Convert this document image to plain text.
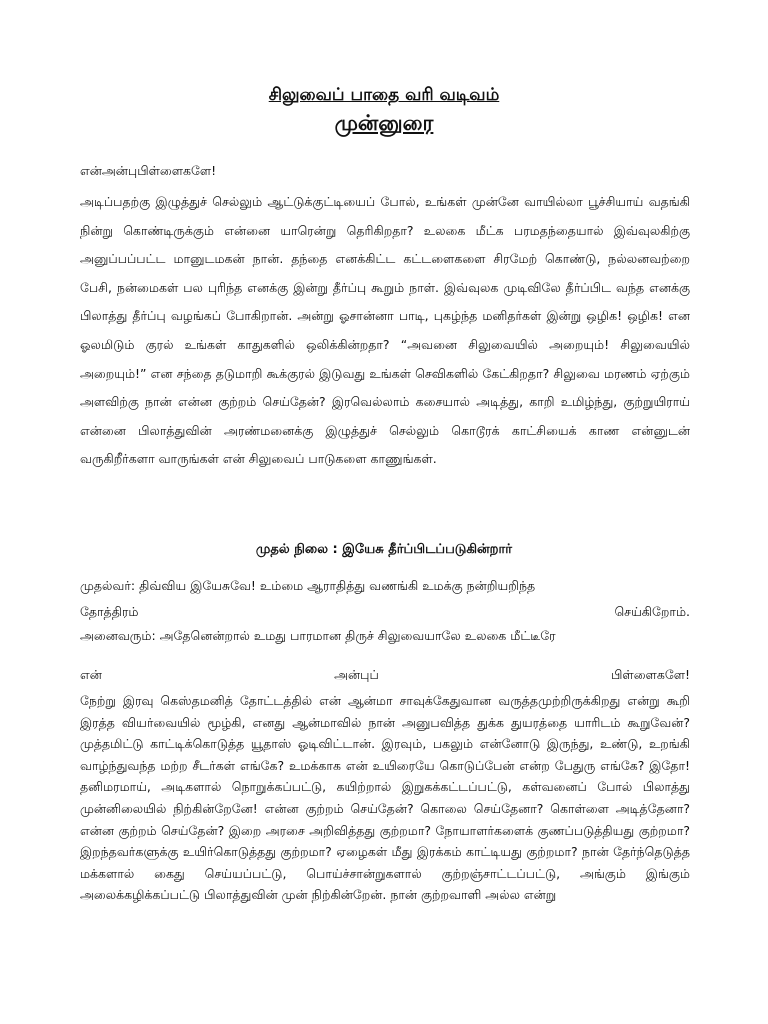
சிலுவைப் பாதை வரி வடிவம்
முன்னுரை
என்அன்புபிள்ளைகளே!
அடிப்பதற்கு இழுத்துச் செல்லும் ஆட்டுக்குட்டியைப் போல், உங்கள் முன்னே வாயில்லா பூச்சியாய் வதங்கி நின்று கொண்டிருக்கும் என்னை யாரென்று தெரிகிறதா? உலகை மீட்க பரமதந்தையால் இவ்வுலகிற்கு அனுப்பப்பட்ட மானுடமகன் நான். தந்தை எனக்கிட்ட கட்டளைகளை சிரமேற் கொண்டு, நல்லனவற்றை பேசி, நன்மைகள் பல புரிந்த எனக்கு இன்று தீர்ப்பு கூறும் நாள். இவ்வுலக முடிவிலே தீர்ப்பிட வந்த எனக்கு பிலாத்து தீர்ப்பு வழங்கப் போகிறான். அன்று ஓசான்னா பாடி, புகழ்ந்த மனிதர்கள் இன்று ஒழிக! ஒழிக! என ஓலமிடும் குரல் உங்கள் காதுகளில் ஒலிக்கின்றதா? “அவனை சிலுவையில் அறையும்! சிலுவையில் அறையும்!” என சந்தை தடுமாறி கூக்குரல் இடுவது உங்கள் செவிகளில் கேட்கிறதா? சிலுவை மரணம் ஏற்கும் அளவிற்கு நான் என்ன குற்றம் செய்தேன்? இரவெல்லாம் கசையால் அடித்து, காறி உமிழ்ந்து, குற்றுயிராய் என்னை பிலாத்துவின் அரண்மனைக்கு இழுத்துச் செல்லும் கொடூரக் காட்சியைக் காண என்னுடன் வருகிறீர்களா வாருங்கள் என் சிலுவைப் பாடுகளை காணுங்கள்.
முதல் நிலை : இயேசு தீர்ப்பிடப்படுகின்றார்
முதல்வர்: திவ்விய இயேசுவே! உம்மை ஆராதித்து வணங்கி உமக்கு நன்றியறிந்த
தோத்திரம்	செய்கிறோம்.
அனைவரும்: அதேனென்றால் உமது பாரமான திருச் சிலுவையாலே உலகை மீட்டீரே
என்	அன்புப்	பிள்ளைகளே!
நேற்று இரவு கெஸ்தமனித் தோட்டத்தில் என் ஆன்மா சாவுக்கேதுவான வருத்தமுற்றிருக்கிறது என்று கூறி இரத்த வியர்வையில் மூழ்கி, எனது ஆன்மாவில் நான் அனுபவித்த துக்க துயரத்தை யாரிடம் கூறுவேன்? முத்தமிட்டு காட்டிக்கொடுத்த யூதாஸ் ஓடிவிட்டான். இரவும், பகலும் என்னோடு இருந்து, உண்டு, உறங்கி வாழ்ந்துவந்த மற்ற சீடர்கள் எங்கே? உமக்காக என் உயிரையே கொடுப்பேன் என்ற பேதுரு எங்கே? இதோ! தனிமரமாய், அடிகளால் நொறுக்கப்பட்டு, கயிற்றால் இறுகக்கட்டப்பட்டு, கள்வனைப் போல் பிலாத்து முன்னிலையில் நிற்கின்றேனே! என்ன குற்றம் செய்தேன்? கொலை செய்தேனா? கொள்ளை அடித்தேனா? என்ன குற்றம் செய்தேன்? இறை அரசை அறிவித்தது குற்றமா? நோயாளர்களைக் குணப்படுத்தியது குற்றமா? இறந்தவர்களுக்கு உயிர்கொடுத்தது குற்றமா? ஏழைகள் மீது இரக்கம் காட்டியது குற்றமா? நான் தேர்ந்தெடுத்த மக்களால் கைது செய்யப்பட்டு, பொய்ச்சான்றுகளால் குற்றஞ்சாட்டப்பட்டு, அங்கும் இங்கும் அலைக்கழிக்கப்பட்டு பிலாத்துவின் முன் நிற்கின்றேன். நான் குற்றவாளி அல்ல என்று
